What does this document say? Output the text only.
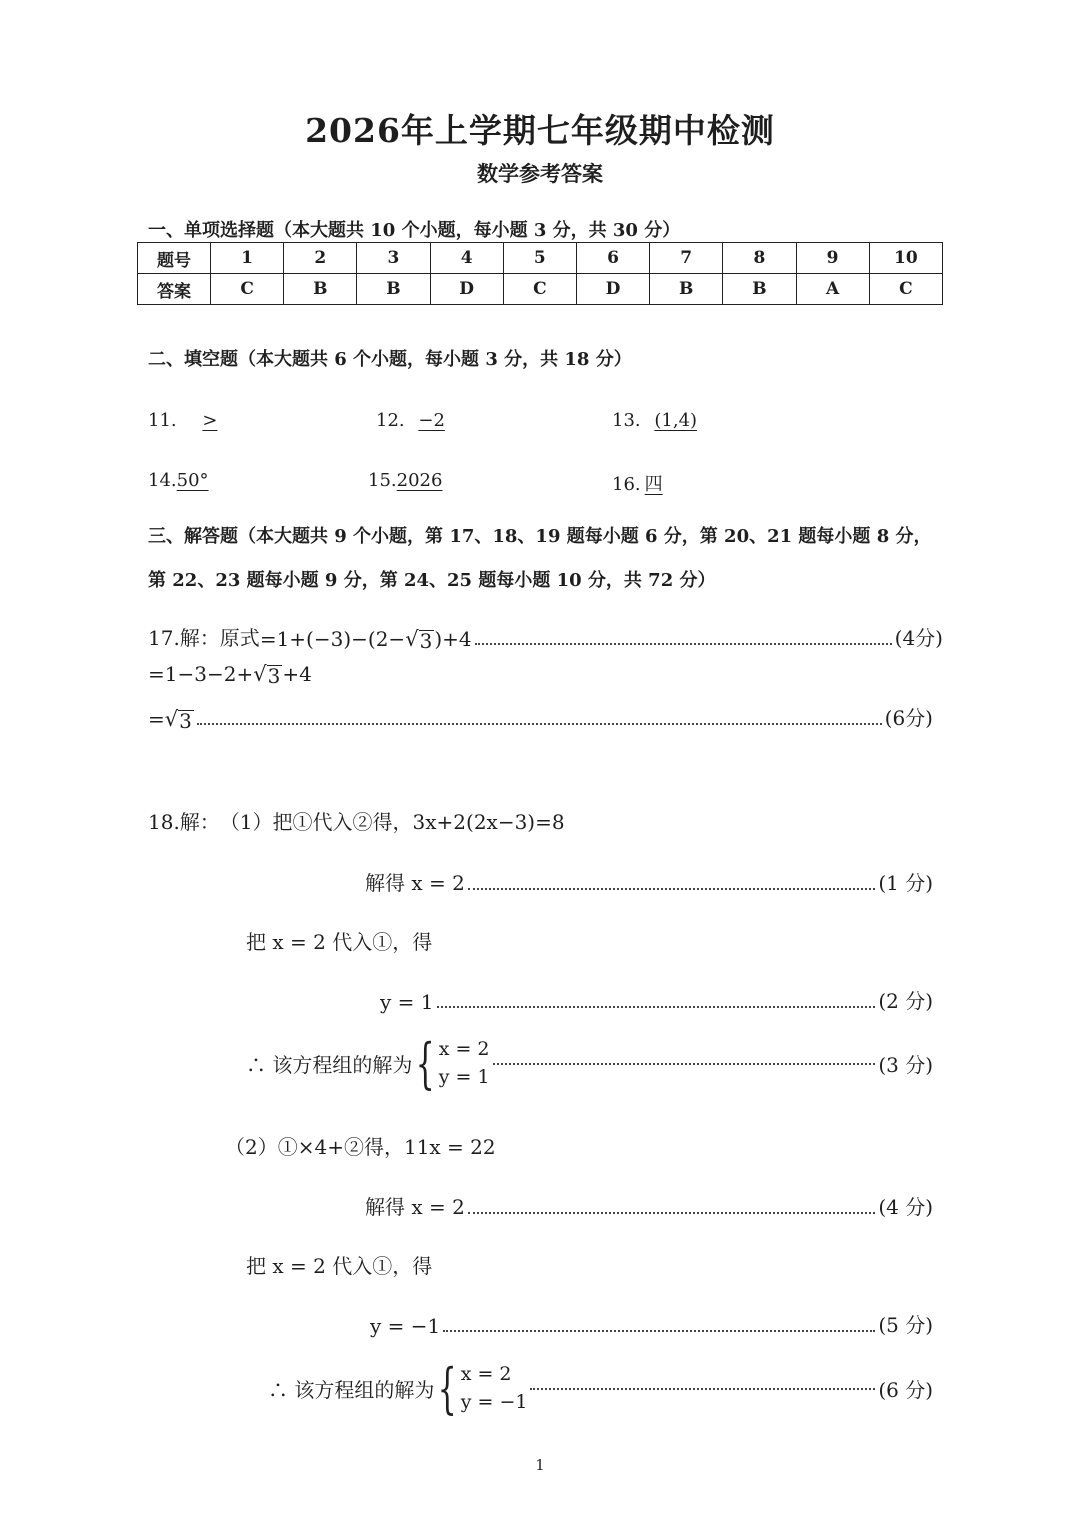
2026年上学期七年级期中检测
数学参考答案
一、单项选择题（本大题共 10 个小题，每小题 3 分，共 30 分）
题号	1	2	3	4	5	6	7	8	9	10
答案	C	B	B	D	C	D	B	B	A	C
二、填空题（本大题共 6 个小题，每小题 3 分，共 18 分）
11. >	12. −2	13. (1,4)
14.50°	15.2026	16. 四
三、解答题（本大题共 9 个小题，第 17、18、19 题每小题 6 分，第 20、21 题每小题 8 分，
第 22、23 题每小题 9 分，第 24、25 题每小题 10 分，共 72 分）
17.解：原式 =1+(−3)−(2− √ 3 )+4	(4分)
=1−3−2+ √ 3 +4
= √ 3	(6分)
18.解： （1）把①代入②得，3x+2(2x−3)=8
解得 x = 2	(1 分)
把 x = 2 代入①，得
y = 1	(2 分)
∴ 该方程组的解为 { x = 2
y = 1	(3 分)
（2）①×4+②得，11x = 22
解得 x = 2	(4 分)
把 x = 2 代入①，得
y = −1	(5 分)
∴ 该方程组的解为 { x = 2
y = −1	(6 分)
1
